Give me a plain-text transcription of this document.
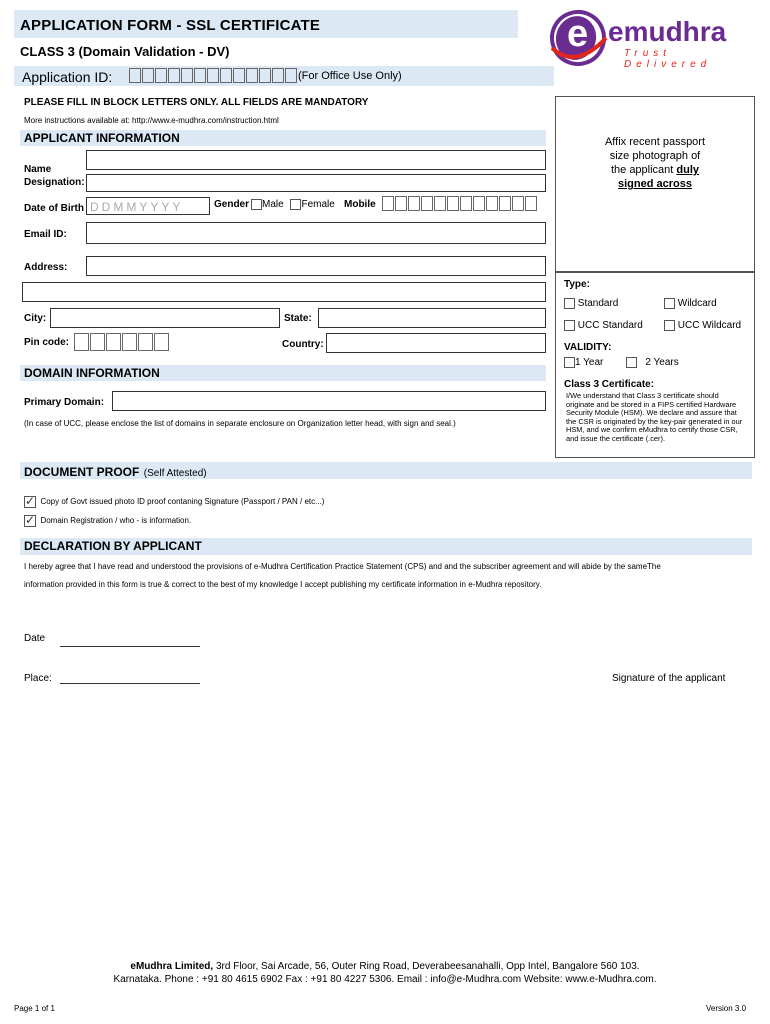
APPLICATION FORM - SSL CERTIFICATE
CLASS 3 (Domain Validation - DV)
Application ID:	(For Office Use Only)
e emudhra
Trust Delivered
PLEASE FILL IN BLOCK LETTERS ONLY. ALL FIELDS ARE MANDATORY
More instructions available at: http://www.e-mudhra.com/instruction.html
Affix recent passport
size photograph of
the applicant duly
signed across
APPLICANT INFORMATION
Name
Designation:
Date of Birth DDMMYYYY	Gender	Male Female Mobile
Email ID:
Address:
City:	State:
Pin code:	Country:
Type:
Standard	Wildcard
UCC Standard	UCC Wildcard
VALIDITY:
1 Year	2 Years
Class 3 Certificate:
I/We understand that Class 3 certificate should originate and be stored in a FIPS certified Hardware Security Module (HSM). We declare and assure that the CSR is originated by the key-pair generated in our HSM, and we confirm eMudhra to certify those CSR, and issue the certificate (.cer).
DOMAIN INFORMATION
Primary Domain:
(In case of UCC, please enclose the list of domains in separate enclosure on Organization letter head, with sign and seal.)
DOCUMENT PROOF (Self Attested)
✓  Copy of Govt issued photo ID proof contaning Signature (Passport / PAN / etc...)
✓  Domain Registration / who - is information.
DECLARATION BY APPLICANT
I hereby agree that I have read and understood the provisions of e-Mudhra Certification Practice Statement (CPS) and and the subscriber agreement and will abide by the sameThe
information provided in this form is true & correct to the best of my knowledge I accept publishing my certificate information in e-Mudhra repository.
Date
Place:	Signature of the applicant
eMudhra Limited, 3rd Floor, Sai Arcade, 56, Outer Ring Road, Deverabeesanahalli, Opp Intel, Bangalore 560 103.
Karnataka. Phone : +91 80 4615 6902 Fax : +91 80 4227 5306. Email : info@e-Mudhra.com Website: www.e-Mudhra.com.
Page 1 of 1	Version 3.0
